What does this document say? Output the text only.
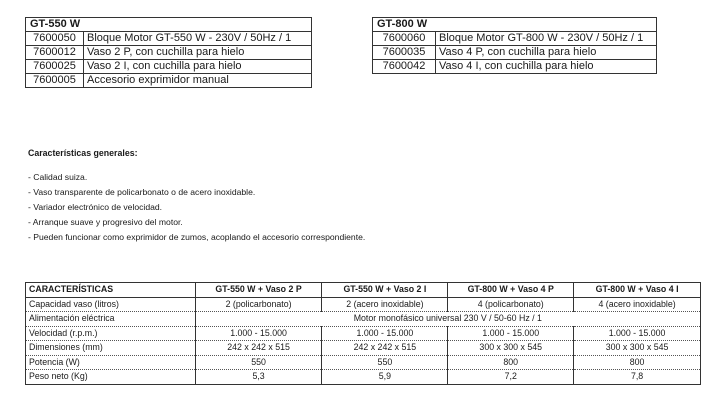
GT-550 W	
7600050	Bloque Motor GT-550 W - 230V / 50Hz / 1
7600012	Vaso 2 P, con cuchilla para hielo
7600025	Vaso 2 I, con cuchilla para hielo
7600005	Accesorio exprimidor manual
GT-800 W	
7600060	Bloque Motor GT-800 W - 230V / 50Hz / 1
7600035	Vaso 4 P, con cuchilla para hielo
7600042	Vaso 4 I, con cuchilla para hielo
Características generales:
- Calidad suiza.
- Vaso transparente de policarbonato o de acero inoxidable.
- Variador electrónico de velocidad.
- Arranque suave y progresivo del motor.
- Pueden funcionar como exprimidor de zumos, acoplando el accesorio correspondiente.
CARACTERÍSTICAS	GT-550 W + Vaso 2 P	GT-550 W + Vaso 2 I	GT-800 W + Vaso 4 P	GT-800 W + Vaso 4 I
Capacidad vaso (litros)	2 (policarbonato)	2 (acero inoxidable)	4 (policarbonato)	4 (acero inoxidable)
Alimentación eléctrica	Motor monofásico universal 230 V / 50-60 Hz / 1			
Velocidad (r.p.m.)	1.000 - 15.000	1.000 - 15.000	1.000 - 15.000	1.000 - 15.000
Dimensiones (mm)	242 x 242 x 515	242 x 242 x 515	300 x 300 x 545	300 x 300 x 545
Potencia (W)	550	550	800	800
Peso neto (Kg)	5,3	5,9	7,2	7,8
